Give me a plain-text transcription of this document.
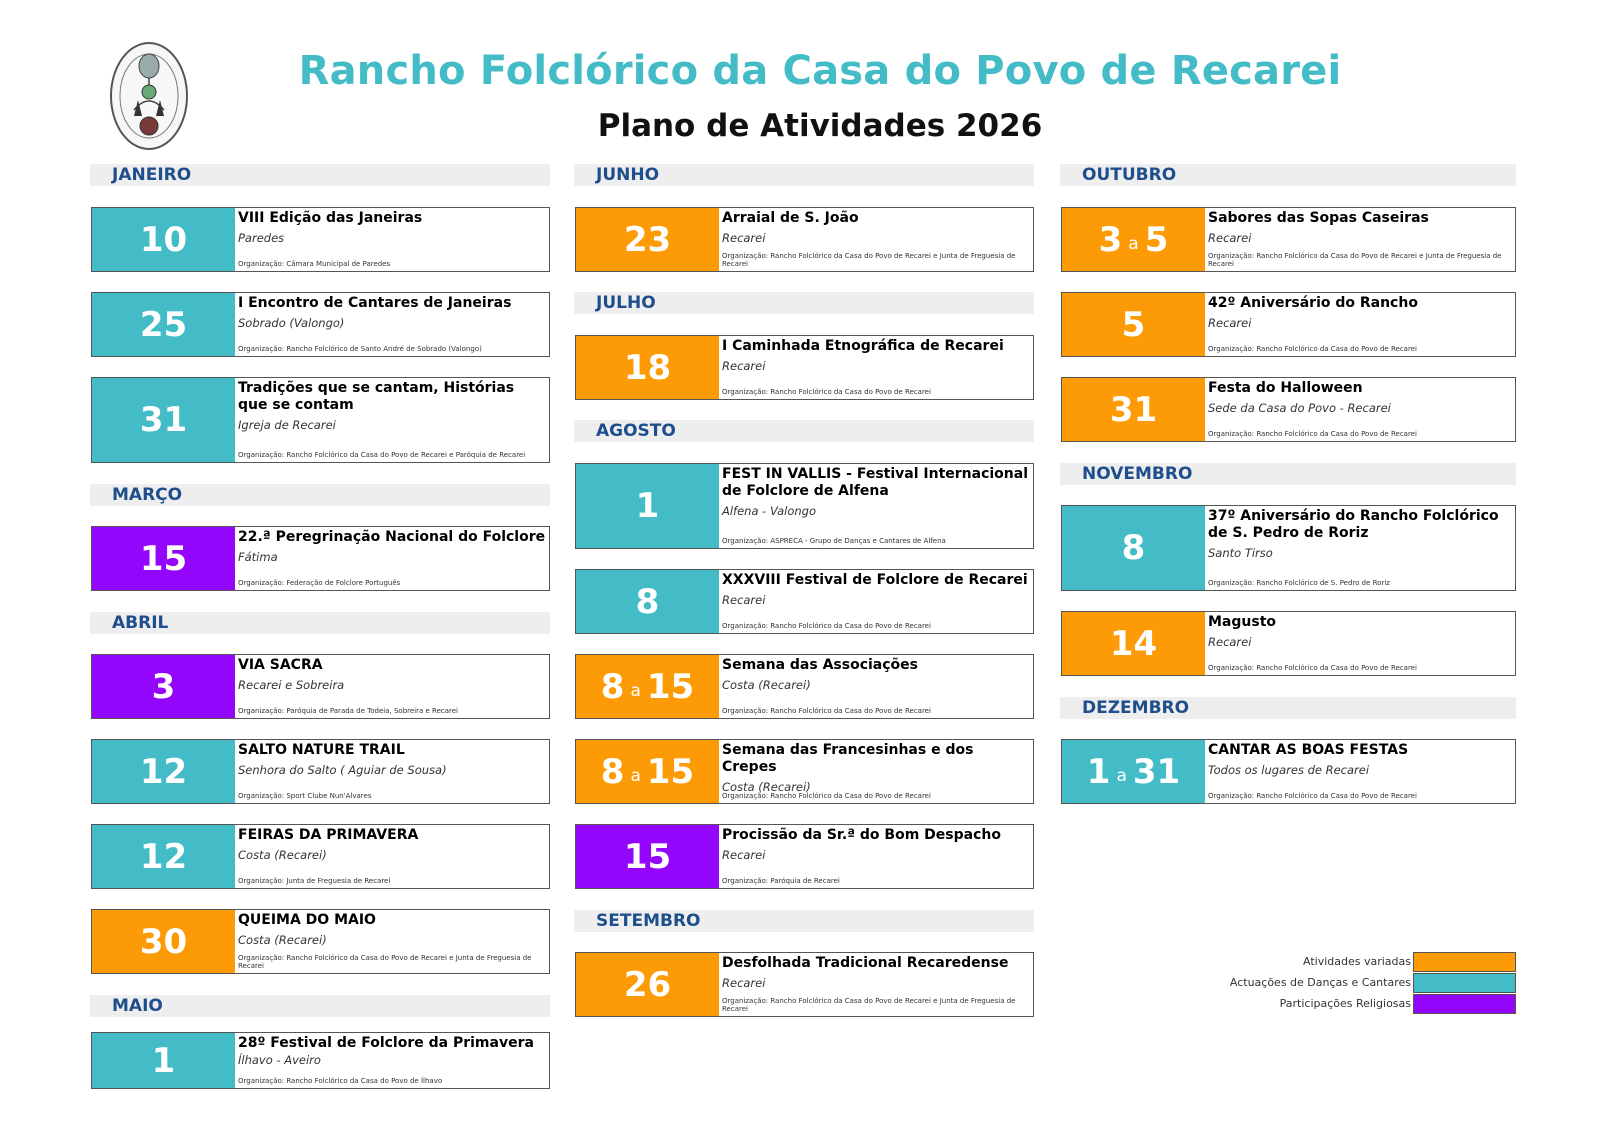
Rancho Folclórico da Casa do Povo de Recarei
Plano de Atividades 2026
JANEIRO
10
VIII Edição das Janeiras
Paredes
Organização: Câmara Municipal de Paredes
25
I Encontro de Cantares de Janeiras
Sobrado (Valongo)
Organização: Rancho Folclórico de Santo André de Sobrado (Valongo)
31
Tradições que se cantam, Histórias que se contam
Igreja de Recarei
Organização: Rancho Folclórico da Casa do Povo de Recarei e Paróquia de Recarei
MARÇO
15
22.ª Peregrinação Nacional do Folclore
Fátima
Organização: Federação de Folclore Português
ABRIL
3
VIA SACRA
Recarei e Sobreira
Organização: Paróquia de Parada de Todeia, Sobreira e Recarei
12
SALTO NATURE TRAIL
Senhora do Salto ( Aguiar de Sousa)
Organização: Sport Clube Nun'Alvares
12
FEIRAS DA PRIMAVERA
Costa (Recarei)
Organização: Junta de Freguesia de Recarei
30
QUEIMA DO MAIO
Costa (Recarei)
Organização: Rancho Folclórico da Casa do Povo de Recarei e Junta de Freguesia de Recarei
MAIO
1	28º Festival de Folclore da Primavera
Ílhavo - Aveiro
Organização: Rancho Folclórico da Casa do Povo de Ílhavo
JUNHO
23
Arraial de S. João
Recarei
Organização: Rancho Folclórico da Casa do Povo de Recarei e Junta de Freguesia de Recarei
JULHO
18
I Caminhada Etnográfica de Recarei
Recarei
Organização: Rancho Folclórico da Casa do Povo de Recarei
AGOSTO
1
FEST IN VALLIS - Festival Internacional de Folclore de Alfena
Alfena - Valongo
Organização: ASPRECA - Grupo de Danças e Cantares de Alfena
8
XXXVIII Festival de Folclore de Recarei
Recarei
Organização: Rancho Folclórico da Casa do Povo de Recarei
8 a 15
Semana das Associações
Costa (Recarei)
Organização: Rancho Folclórico da Casa do Povo de Recarei
8 a 15
Semana das Francesinhas e dos Crepes
Costa (Recarei)
Organização: Rancho Folclórico da Casa do Povo de Recarei
15
Procissão da Sr.ª do Bom Despacho
Recarei
Organização: Paróquia de Recarei
SETEMBRO
26
Desfolhada Tradicional Recaredense
Recarei
Organização: Rancho Folclórico da Casa do Povo de Recarei e Junta de Freguesia de Recarei
OUTUBRO
3 a 5
Sabores das Sopas Caseiras
Recarei
Organização: Rancho Folclórico da Casa do Povo de Recarei e Junta de Freguesia de Recarei
5
42º Aniversário do Rancho
Recarei
Organização: Rancho Folclórico da Casa do Povo de Recarei
31
Festa do Halloween
Sede da Casa do Povo - Recarei
Organização: Rancho Folclórico da Casa do Povo de Recarei
NOVEMBRO
8
37º Aniversário do Rancho Folclórico de S. Pedro de Roriz
Santo Tirso
Organização: Rancho Folclórico de S. Pedro de Roriz
14
Magusto
Recarei
Organização: Rancho Folclórico da Casa do Povo de Recarei
DEZEMBRO
1 a 31
CANTAR AS BOAS FESTAS
Todos os lugares de Recarei
Organização: Rancho Folclórico da Casa do Povo de Recarei
Atividades variadas
Actuações de Danças e Cantares
Participações Religiosas
